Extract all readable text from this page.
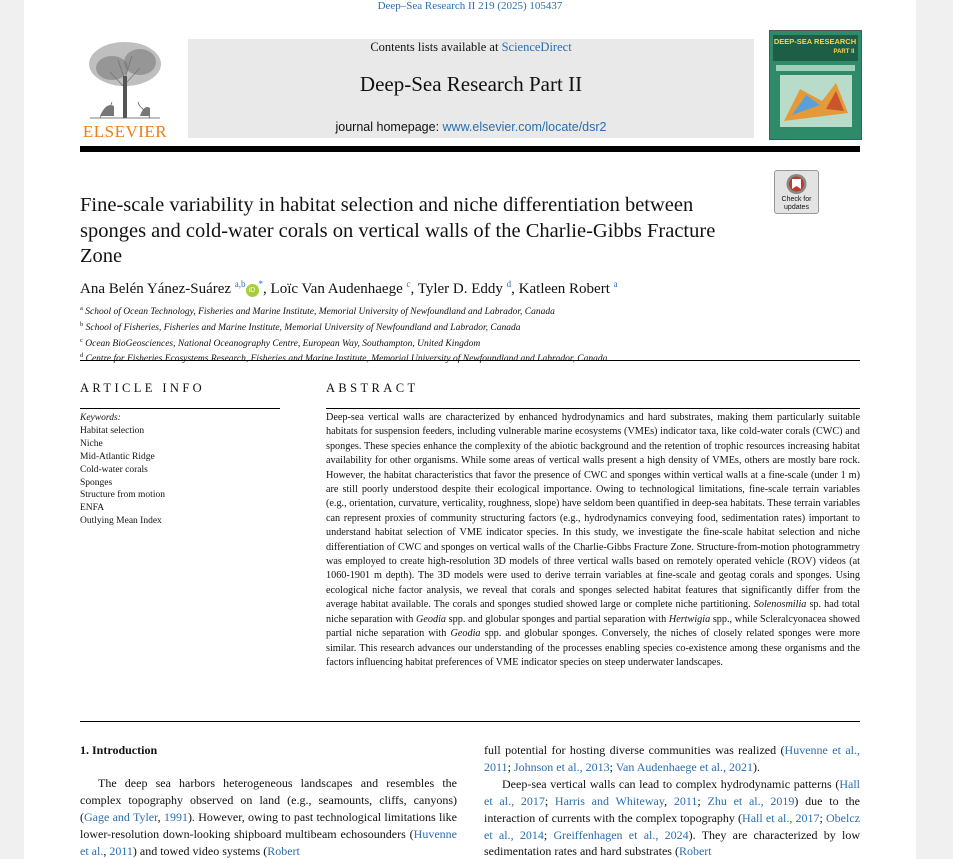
Deep–Sea Research II 219 (2025) 105437
ELSEVIER
Contents lists available at ScienceDirect
Deep-Sea Research Part II
journal homepage: www.elsevier.com/locate/dsr2
DEEP-SEA RESEARCH
PART II
Fine-scale variability in habitat selection and niche differentiation between sponges and cold-water corals on vertical walls of the Charlie-Gibbs Fracture Zone
Check for updates
Ana Belén Yánez-Suárez $^{a,b}$iD*, Loïc Van Audenhaege $^c$, Tyler D. Eddy $^d$, Katleen Robert $^a$
$^a$ School of Ocean Technology, Fisheries and Marine Institute, Memorial University of Newfoundland and Labrador, Canada
$^b$ School of Fisheries, Fisheries and Marine Institute, Memorial University of Newfoundland and Labrador, Canada
$^c$ Ocean BioGeosciences, National Oceanography Centre, European Way, Southampton, United Kingdom
$^d$
ARTICLE INFO
Keywords:
Habitat selection
Niche
Mid-Atlantic Ridge
Cold-water corals
Sponges
Structure from motion
ENFA
Outlying Mean Index
ABSTRACT
Deep-sea vertical walls are characterized by enhanced hydrodynamics and hard substrates, making them particularly suitable habitats for suspension feeders, including vulnerable marine ecosystems (VMEs) indicator taxa, like cold-water corals (CWC) and sponges. These species enhance the complexity of the abiotic background and the retention of trophic resources increasing habitat availability for other organisms. While some areas of vertical walls present a high density of VMEs, others are mostly bare rock. However, the habitat characteristics that favor the presence of CWC and sponges within vertical walls at a fine-scale (under 1 m) are still poorly understood despite their ecological importance. Owing to technological limitations, fine-scale terrain variables (e.g., orientation, curvature, verticality, roughness, slope) have seldom been quantified in deep-sea habitats. These terrain variables can represent proxies of community structuring factors (e.g., hydrodynamics conveying food, sedimentation rates) important to understand habitat selection of VME indicator species. In this study, we investigate the fine-scale habitat selection and niche differentiation of CWC and sponges on vertical walls of the Charlie-Gibbs Fracture Zone. Structure-from-motion photogrammetry was employed to create high-resolution 3D models of three vertical walls based on remotely operated vehicle (ROV) videos (at 1060-1901 m depth). The 3D models were used to derive terrain variables at fine-scale and geotag corals and sponges. Using ecological niche factor analysis, we reveal that corals and sponges selected habitat features that significantly differ from the average habitat available. The corals and sponges studied showed large or complete niche partitioning. Solenosmilia sp. had total niche separation with Geodia spp. and globular sponges and partial separation with Hertwigia spp., while Scleralcyonacea showed partial niche separation with Geodia spp. and globular sponges. Conversely, the niches of closely related sponges were more similar. This research advances our understanding of the processes enabling species co-existence among these organisms and the factors influencing habitat preferences of VME indicator species on steep underwater landscapes.
1. Introduction
The deep sea harbors heterogeneous landscapes and resembles the complex topography observed on land (e.g., seamounts, cliffs, canyons) (Gage and Tyler, 1991). However, owing to past technological limitations like lower-resolution down-looking shipboard multibeam echosounders (Huvenne et al., 2011) and towed video systems (Robert

full potential for hosting diverse communities was realized (Huvenne et al., 2011; Johnson et al., 2013; Van Audenhaege et al., 2021).

Deep-sea vertical walls can lead to complex hydrodynamic patterns (Hall et al., 2017; Harris and Whiteway, 2011; Zhu et al., 2019) due to the interaction of currents with the complex topography (Hall et al., 2017; Obelcz et al., 2014; Greiffenhagen et al., 2024). They are characterized by low sedimentation rates and hard substrates (Robert
